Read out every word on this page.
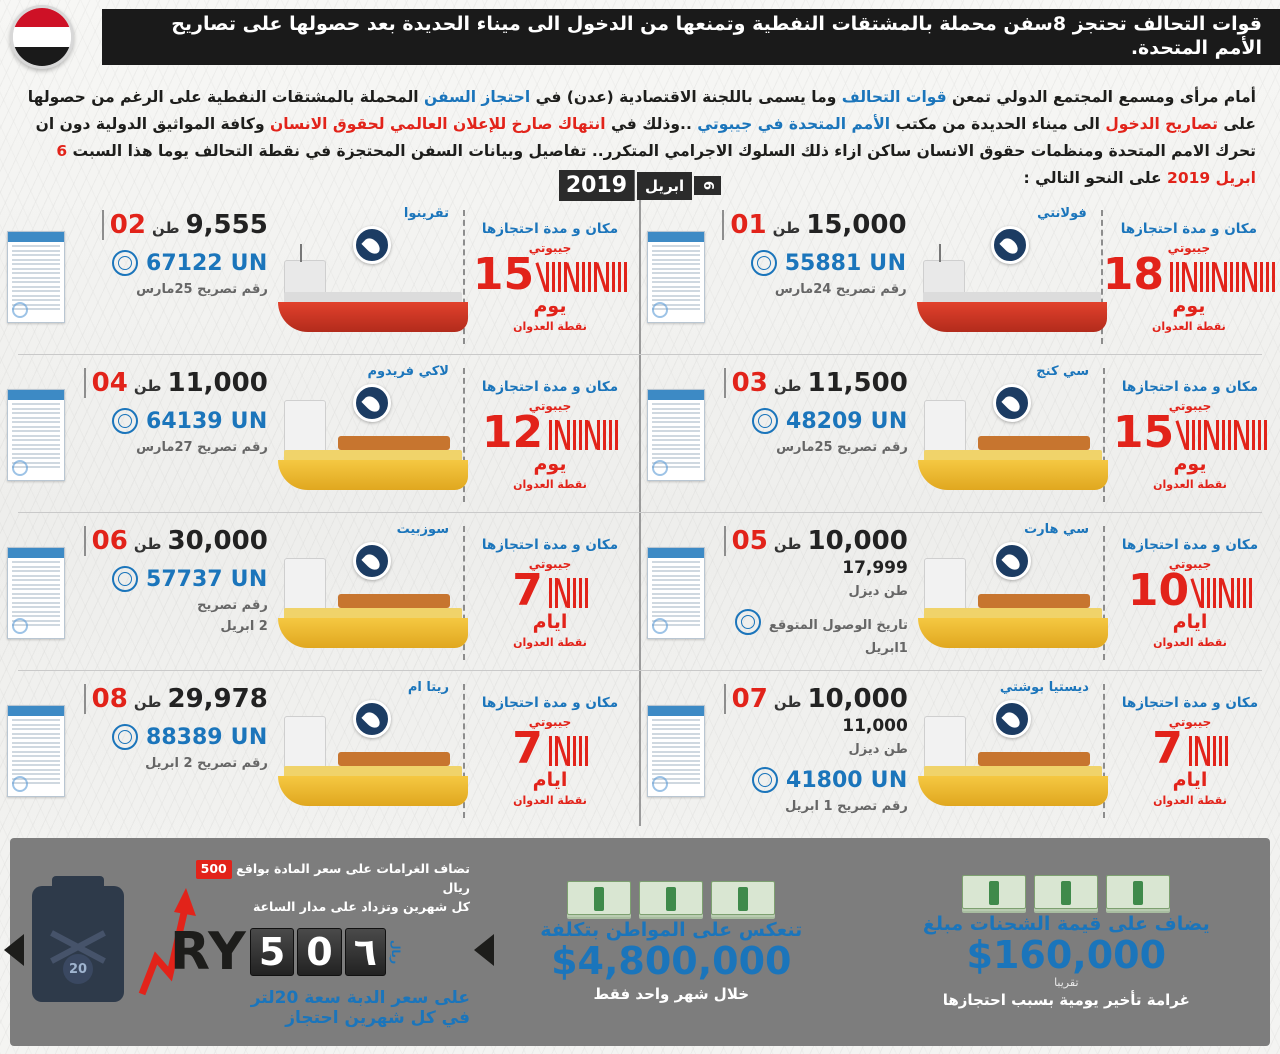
قوات التحالف تحتجز 8سفن محملة بالمشتقات النفطية وتمنعها من الدخول الى ميناء الحديدة بعد حصولها على تصاريح الأمم المتحدة.
أمام مرأى ومسمع المجتمع الدولي تمعن قوات التحالف وما يسمى باللجنة الاقتصادية (عدن) في احتجاز السفن المحملة بالمشتقات النفطية على الرغم من حصولها على تصاريح الدخول الى ميناء الحديدة من مكتب الأمم المتحدة في جيبوتي ..وذلك في انتهاك صارخ للإعلان العالمي لحقوق الانسان وكافة المواثيق الدولية دون ان تحرك الامم المتحدة ومنظمات حقوق الانسان ساكن ازاء ذلك السلوك الاجرامي المتكرر.. تفاصيل وبيانات السفن المحتجزة في نقطة التحالف يوما هذا السبت 6 ابريل 2019 على النحو التالي :
6
ابريل
2019
مكان و مدة احتجازها
جيبوتي
18
يوم
نقطة العدوان
فولانتي
15,000
طن
01
UN
55881
رقم تصريح 24مارس
مكان و مدة احتجازها
جيبوتي
15
يوم
نقطة العدوان
تقرينوا
9,555
طن
02
UN
67122
رقم تصريح 25مارس
مكان و مدة احتجازها
جيبوتي
15
يوم
نقطة العدوان
سي كنج
11,500
طن
03
UN
48209
رقم تصريح 25مارس
مكان و مدة احتجازها
جيبوتي
12
يوم
نقطة العدوان
لاكي فريدوم
11,000
طن
04
UN
64139
رقم تصريح 27مارس
مكان و مدة احتجازها
جيبوتي
10
ايام
نقطة العدوان
سي هارت
10,000
طن
05
17,999
طن ديزل
تاريخ الوصول المتوقع
1ابريل
مكان و مدة احتجازها
جيبوتي
7
ايام
نقطة العدوان
سوزبيت
30,000
طن
06
UN
57737
رقم تصريح
2 ابريل
مكان و مدة احتجازها
جيبوتي
7
ايام
نقطة العدوان
ديستيا بوشتي
10,000
طن
07
11,000
طن ديزل
UN
41800
رقم تصريح 1 ابريل
مكان و مدة احتجازها
جيبوتي
7
ايام
نقطة العدوان
ريتا ام
29,978
طن
08
UN
88389
رقم تصريح 2 ابريل
يضاف على قيمة الشحنات مبلغ
$160,000
تقريبا
غرامة تأخير يومية بسبب احتجازها
تنعكس على المواطن بتكلفة
$4,800,000
خلال شهر واحد فقط
20
تضاف الغرامات على سعر المادة بواقع 500 ريال
كل شهرين وتزداد على مدار الساعة
ريال
٦
0
5
RY
على سعر الدبة سعة 20لتر
في كل شهرين احتجاز
